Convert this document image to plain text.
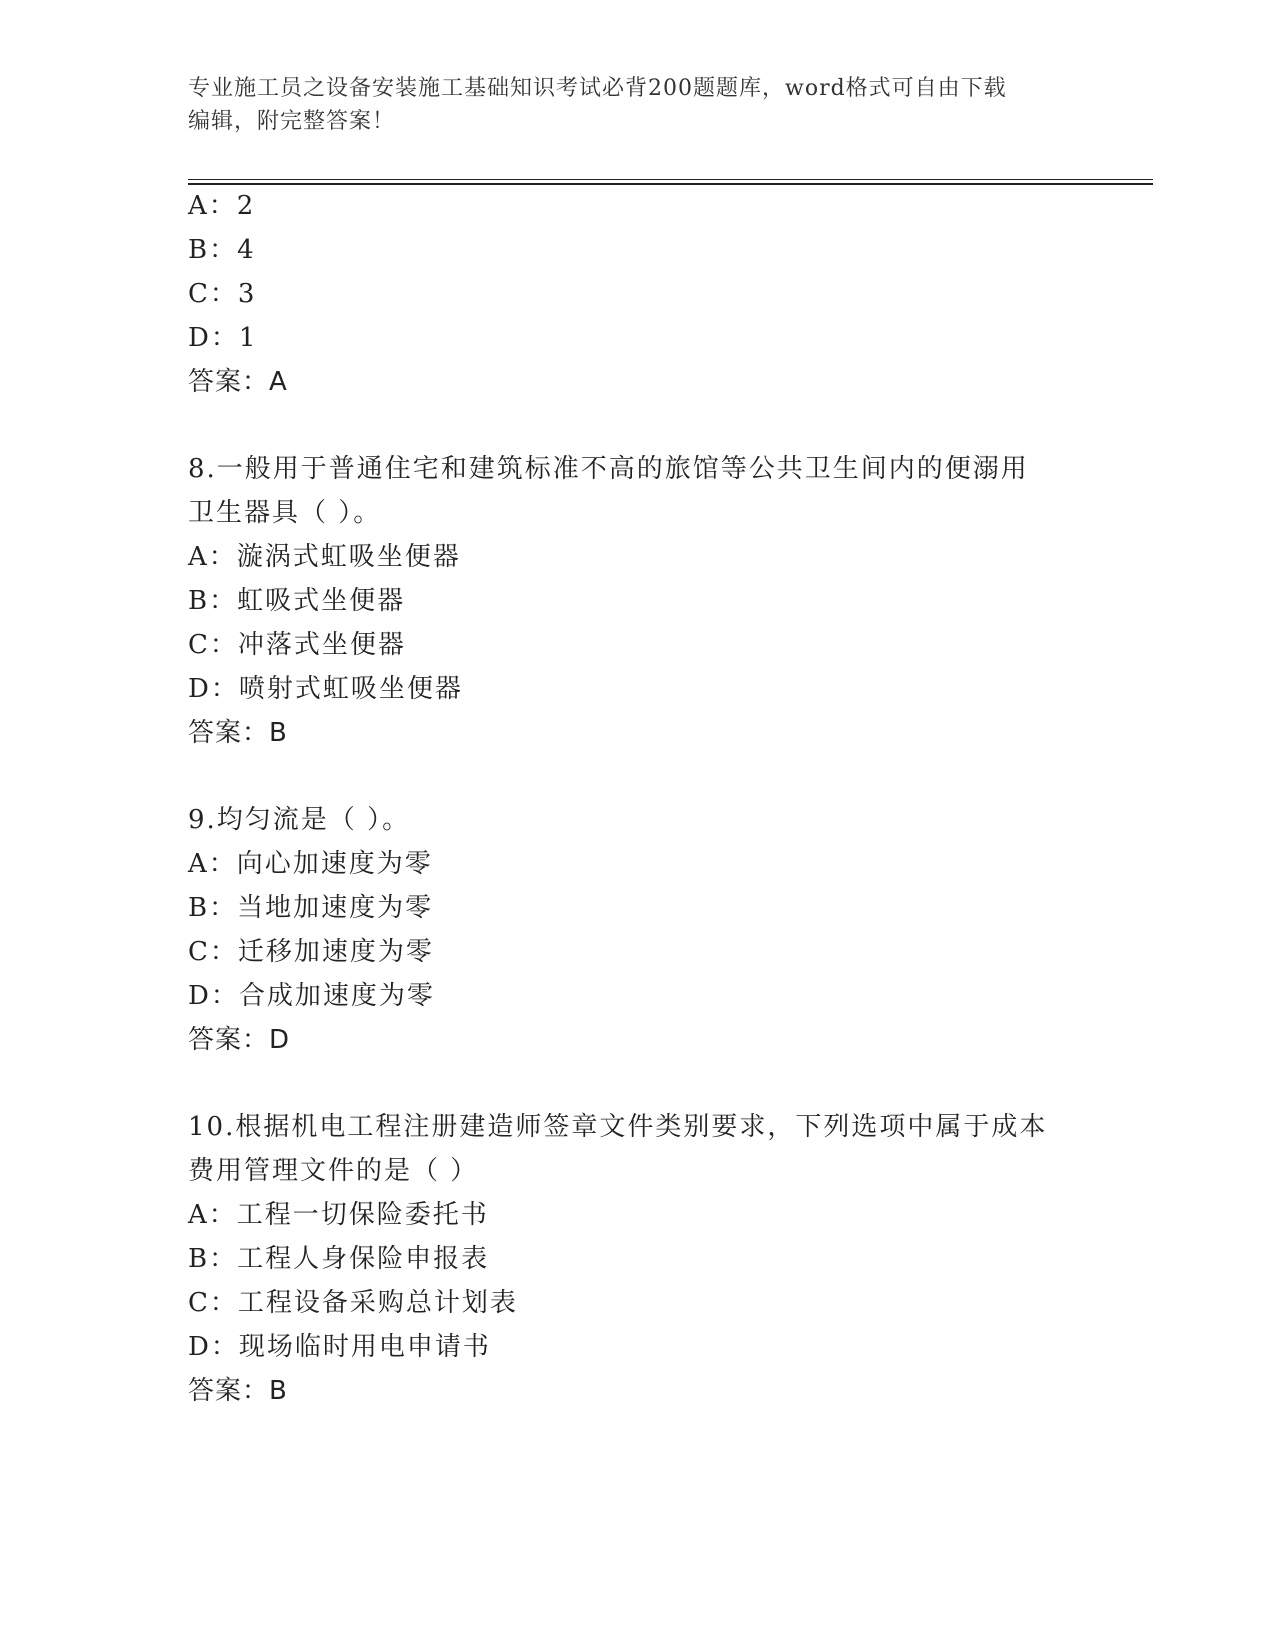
专业施工员之设备安装施工基础知识考试必背200题题库，word格式可自由下载
编辑，附完整答案！
A：2
B：4
C：3
D：1
答案：A
8.一般用于普通住宅和建筑标准不高的旅馆等公共卫生间内的便溺用
卫生器具（ ）。
A：漩涡式虹吸坐便器
B：虹吸式坐便器
C：冲落式坐便器
D：喷射式虹吸坐便器
答案：B
9.均匀流是（ ）。
A：向心加速度为零
B：当地加速度为零
C：迁移加速度为零
D：合成加速度为零
答案：D
10.根据机电工程注册建造师签章文件类别要求，下列选项中属于成本
费用管理文件的是（ ）
A：工程一切保险委托书
B：工程人身保险申报表
C：工程设备采购总计划表
D：现场临时用电申请书
答案：B
